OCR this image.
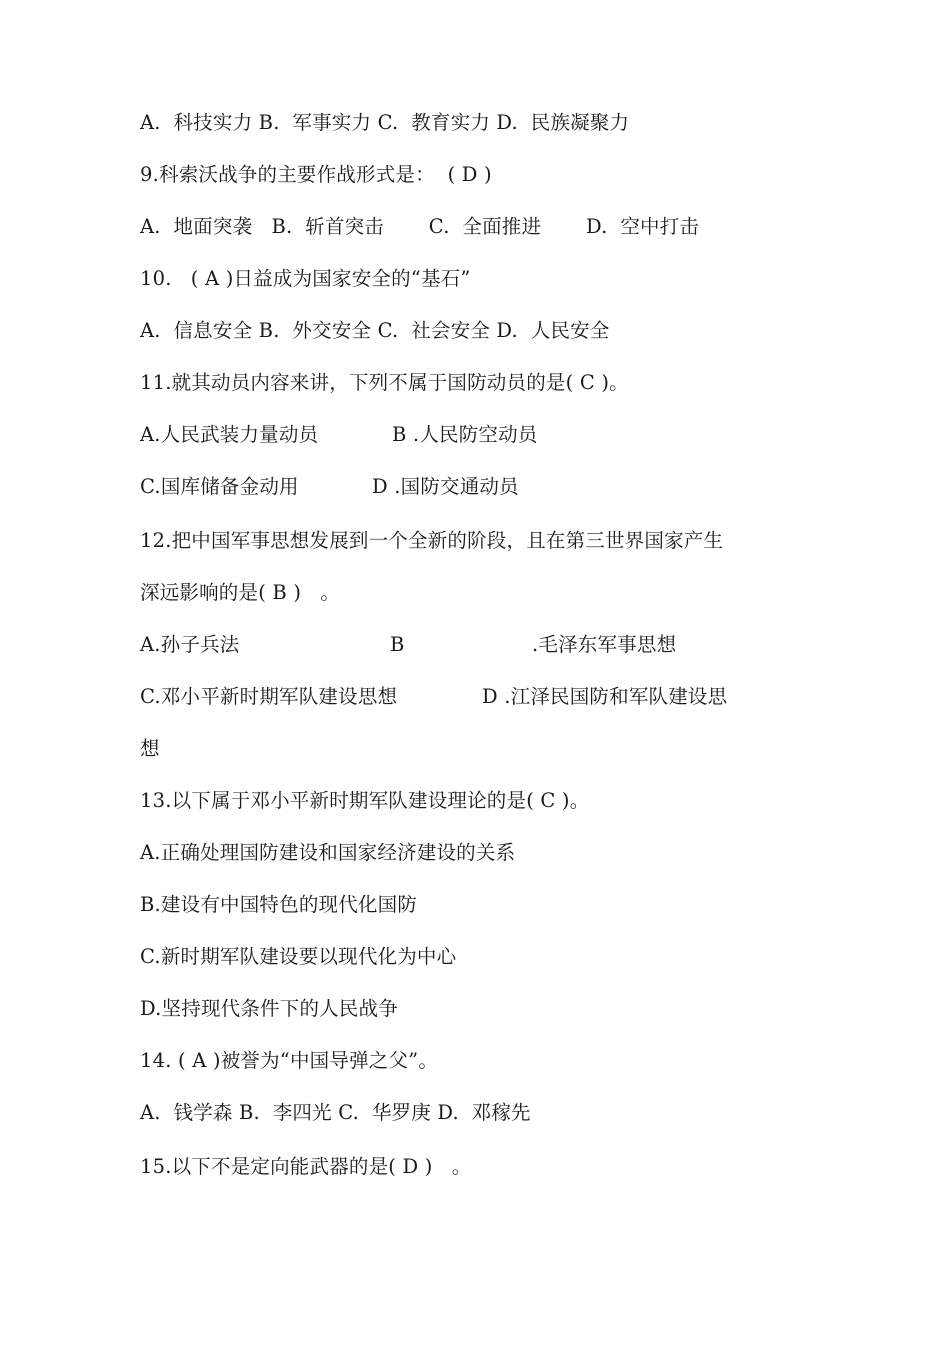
A.  科技实力 B.  军事实力 C.  教育实力 D.  民族凝聚力
9.科索沃战争的主要作战形式是：  ( D )
A.  地面突袭   B.  斩首突击       C.  全面推进       D.  空中打击
10.   ( A )日益成为国家安全的“基石”
A.  信息安全 B.  外交安全 C.  社会安全 D.  人民安全
11.就其动员内容来讲，下列不属于国防动员的是( C )。

A.人民武装力量动员

	B .人民防空动员

C.国库储备金动用

	D .国防交通动员

12.把中国军事思想发展到一个全新的阶段，且在第三世界国家产生
深远影响的是( B )   。

A.孙子兵法

	B

	.毛泽东军事思想

C.邓小平新时期军队建设思想

	D .江泽民国防和军队建设思

想
13.以下属于邓小平新时期军队建设理论的是( C )。
A.正确处理国防建设和国家经济建设的关系
B.建设有中国特色的现代化国防
C.新时期军队建设要以现代化为中心
D.坚持现代条件下的人民战争
14. ( A )被誉为“中国导弹之父”。
A.  钱学森 B.  李四光 C.  华罗庚 D.  邓稼先
15.以下不是定向能武器的是( D )   。
